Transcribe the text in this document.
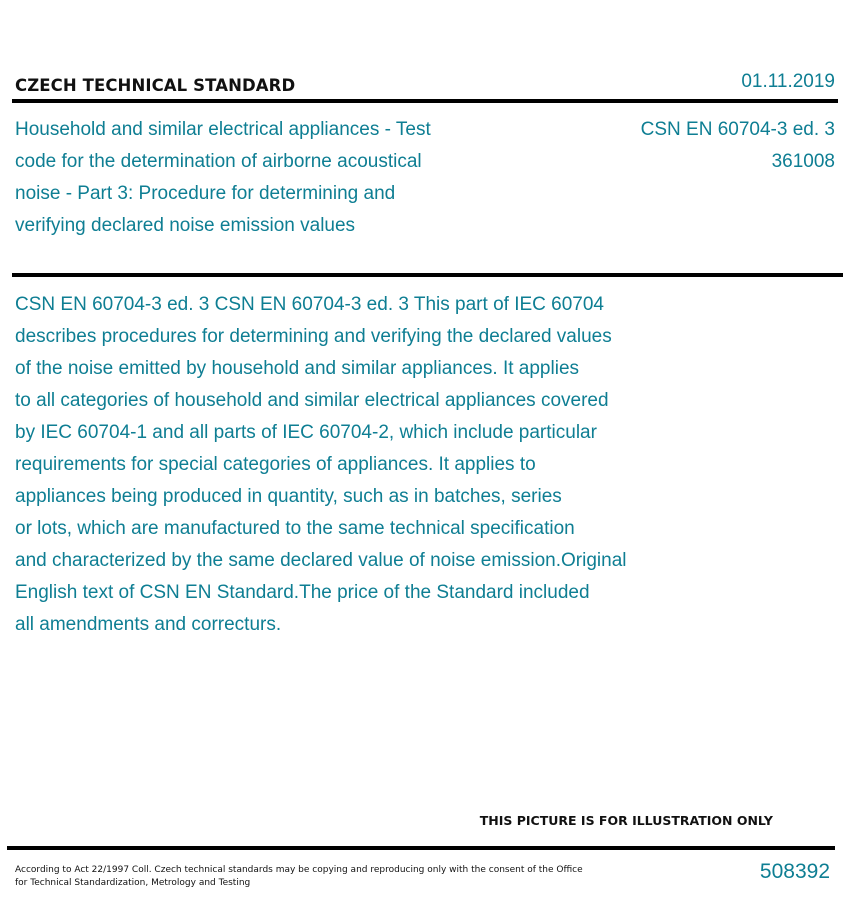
CZECH TECHNICAL STANDARD	01.11.2019
Household and similar electrical appliances - Test code for the determination of airborne acoustical noise - Part 3: Procedure for determining and verifying declared noise emission values
CSN EN 60704-3 ed. 3
361008
CSN EN 60704-3 ed. 3 CSN EN 60704-3 ed. 3 This part of IEC 60704
describes procedures for determining and verifying the declared values
of the noise emitted by household and similar appliances. It applies
to all categories of household and similar electrical appliances covered
by IEC 60704-1 and all parts of IEC 60704-2, which include particular
requirements for special categories of appliances. It applies to
appliances being produced in quantity, such as in batches, series
or lots, which are manufactured to the same technical specification
and characterized by the same declared value of noise emission.Original
English text of CSN EN Standard.The price of the Standard included
all amendments and correcturs.
THIS PICTURE IS FOR ILLUSTRATION ONLY
According to Act 22/1997 Coll. Czech technical standards may be copying and reproducing only with the consent of the Office
for Technical Standardization, Metrology and Testing	508392
